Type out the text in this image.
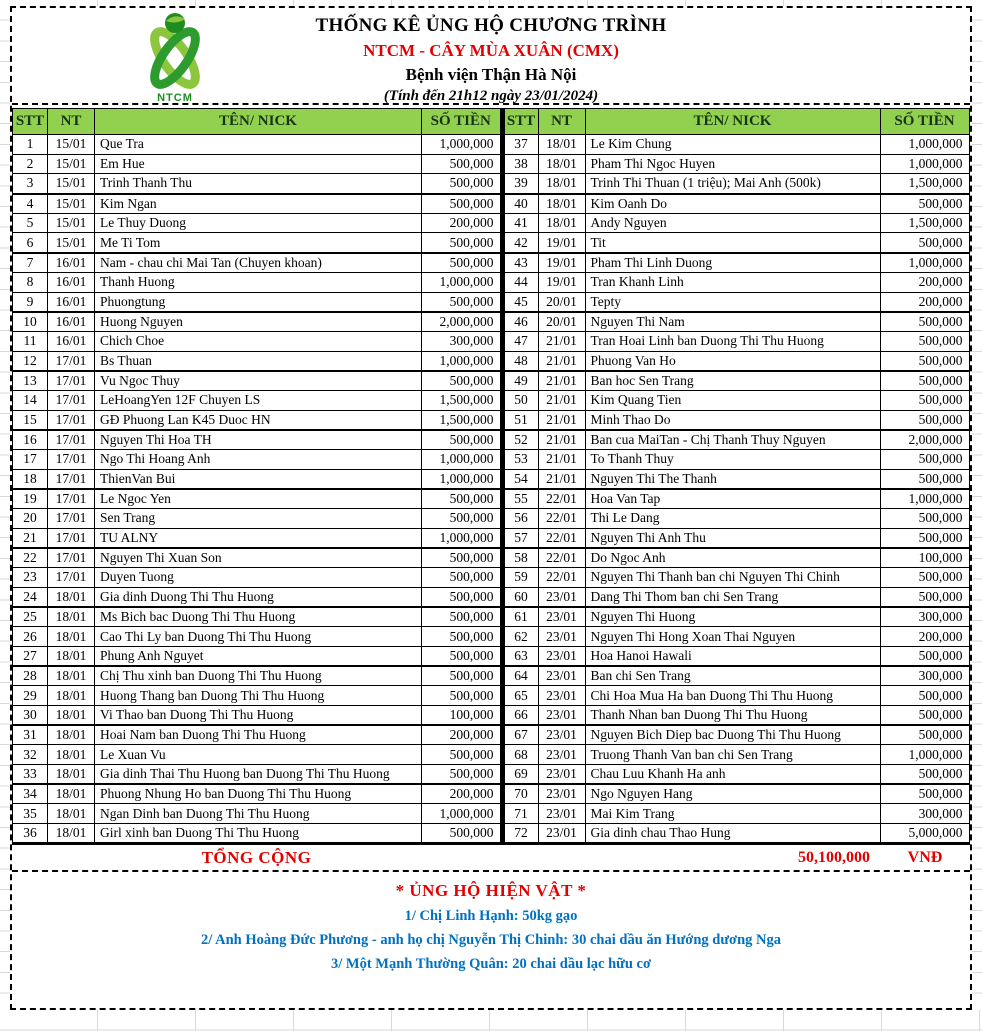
NTCM
THỐNG KÊ ỦNG HỘ CHƯƠNG TRÌNH
NTCM - CÂY MÙA XUÂN (CMX)
Bệnh viện Thận Hà Nội
(Tính đến 21h12 ngày 23/01/2024)
STT	NT	TÊN/ NICK	SỐ TIỀN
1	15/01	Que Tra	1,000,000
2	15/01	Em Hue	500,000
3	15/01	Trinh Thanh Thu	500,000
4	15/01	Kim Ngan	500,000
5	15/01	Le Thuy Duong	200,000
6	15/01	Me Ti Tom	500,000
7	16/01	Nam - chau chi Mai Tan (Chuyen khoan)	500,000
8	16/01	Thanh Huong	1,000,000
9	16/01	Phuongtung	500,000
10	16/01	Huong Nguyen	2,000,000
11	16/01	Chich Choe	300,000
12	17/01	Bs Thuan	1,000,000
13	17/01	Vu Ngoc Thuy	500,000
14	17/01	LeHoangYen 12F Chuyen LS	1,500,000
15	17/01	GĐ Phuong Lan K45 Duoc HN	1,500,000
16	17/01	Nguyen Thi Hoa TH	500,000
17	17/01	Ngo Thi Hoang Anh	1,000,000
18	17/01	ThienVan Bui	1,000,000
19	17/01	Le Ngoc Yen	500,000
20	17/01	Sen Trang	500,000
21	17/01	TU ALNY	1,000,000
22	17/01	Nguyen Thi Xuan Son	500,000
23	17/01	Duyen Tuong	500,000
24	18/01	Gia dinh Duong Thi Thu Huong	500,000
25	18/01	Ms Bich bac Duong Thi Thu Huong	500,000
26	18/01	Cao Thi Ly ban Duong Thi Thu Huong	500,000
27	18/01	Phung Anh Nguyet	500,000
28	18/01	Chị Thu xinh ban Duong Thi Thu Huong	500,000
29	18/01	Huong Thang ban Duong Thi Thu Huong	500,000
30	18/01	Vi Thao ban Duong Thi Thu Huong	100,000
31	18/01	Hoai Nam ban Duong Thi Thu Huong	200,000
32	18/01	Le Xuan Vu	500,000
33	18/01	Gia dinh Thai Thu Huong ban Duong Thi Thu Huong	500,000
34	18/01	Phuong Nhung Ho ban Duong Thi Thu Huong	200,000
35	18/01	Ngan Dinh ban Duong Thi Thu Huong	1,000,000
36	18/01	Girl xinh ban Duong Thi Thu Huong	500,000
STT	NT	TÊN/ NICK	SỐ TIỀN
37	18/01	Le Kim Chung	1,000,000
38	18/01	Pham Thi Ngoc Huyen	1,000,000
39	18/01	Trinh Thi Thuan (1 triệu); Mai Anh (500k)	1,500,000
40	18/01	Kim Oanh Do	500,000
41	18/01	Andy Nguyen	1,500,000
42	19/01	Tit	500,000
43	19/01	Pham Thi Linh Duong	1,000,000
44	19/01	Tran Khanh Linh	200,000
45	20/01	Tepty	200,000
46	20/01	Nguyen Thi Nam	500,000
47	21/01	Tran Hoai Linh ban Duong Thi Thu Huong	500,000
48	21/01	Phuong Van Ho	500,000
49	21/01	Ban hoc Sen Trang	500,000
50	21/01	Kim Quang Tien	500,000
51	21/01	Minh Thao Do	500,000
52	21/01	Ban cua MaiTan - Chị Thanh Thuy Nguyen	2,000,000
53	21/01	To Thanh Thuy	500,000
54	21/01	Nguyen Thi The Thanh	500,000
55	22/01	Hoa Van Tap	1,000,000
56	22/01	Thi Le Dang	500,000
57	22/01	Nguyen Thi Anh Thu	500,000
58	22/01	Do Ngoc Anh	100,000
59	22/01	Nguyen Thi Thanh ban chi Nguyen Thi Chinh	500,000
60	23/01	Dang Thi Thom ban chi Sen Trang	500,000
61	23/01	Nguyen Thi Huong	300,000
62	23/01	Nguyen Thi Hong Xoan Thai Nguyen	200,000
63	23/01	Hoa Hanoi Hawali	500,000
64	23/01	Ban chi Sen Trang	300,000
65	23/01	Chi Hoa Mua Ha ban Duong Thi Thu Huong	500,000
66	23/01	Thanh Nhan ban Duong Thi Thu Huong	500,000
67	23/01	Nguyen Bich Diep bac Duong Thi Thu Huong	500,000
68	23/01	Truong Thanh Van ban chi Sen Trang	1,000,000
69	23/01	Chau Luu Khanh Ha anh	500,000
70	23/01	Ngo Nguyen Hang	500,000
71	23/01	Mai Kim Trang	300,000
72	23/01	Gia dinh chau Thao Hung	5,000,000
TỔNG CỘNG	50,100,000	VNĐ
* ỦNG HỘ HIỆN VẬT *
1/ Chị Linh Hạnh: 50kg gạo
2/ Anh Hoàng Đức Phương - anh họ chị Nguyễn Thị Chinh: 30 chai dầu ăn Hướng dương Nga
3/ Một Mạnh Thường Quân: 20 chai dầu lạc hữu cơ
